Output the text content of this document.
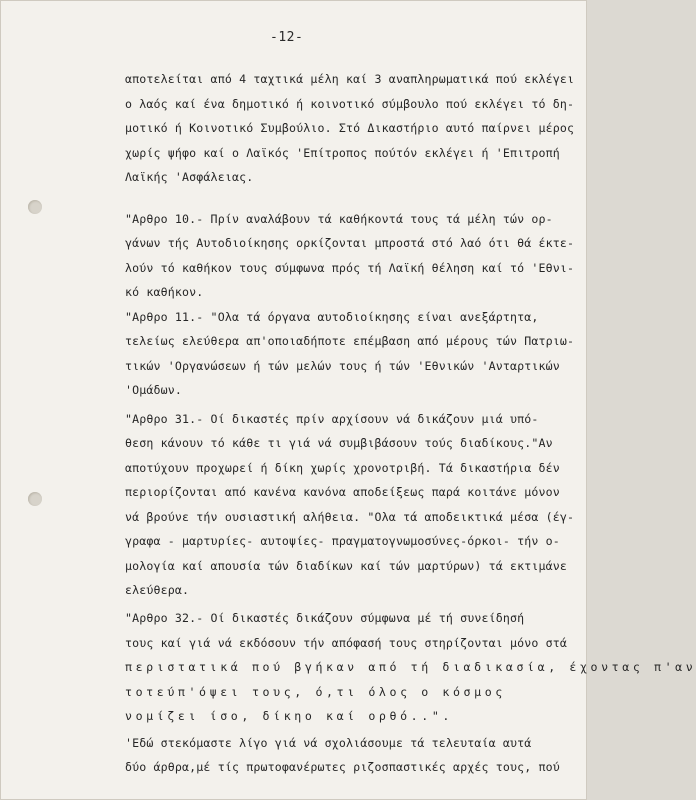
-12-
αποτελείται από 4 ταχτικά μέλη καί 3 αναπληρωματικά πού εκλέγει
ο λαός καί ένα δημοτικό ή κοινοτικό σύμβουλο πού εκλέγει τό δη-
μοτικό ή Κοινοτικό Συμβούλιο. Στό Δικαστήριο αυτό παίρνει μέρος
χωρίς ψήφο καί ο Λαϊκός 'Επίτροπος πούτόν εκλέγει ή 'Επιτροπή
Λαϊκής 'Ασφάλειας.
"Αρθρο 10.- Πρίν αναλάβουν τά καθήκοντά τους τά μέλη τών ορ-
γάνων τής Αυτοδιοίκησης ορκίζονται μπροστά στό λαό ότι θά έκτε-
λούν τό καθήκον τους σύμφωνα πρός τή Λαϊκή θέληση καί τό 'Εθνι-
κό καθήκον.
"Αρθρο 11.- "Ολα τά όργανα αυτοδιοίκησης είναι ανεξάρτητα,
τελείως ελεύθερα απ'οποιαδήποτε επέμβαση από μέρους τών Πατριω-
τικών 'Οργανώσεων ή τών μελών τους ή τών 'Εθνικών 'Ανταρτικών
'Ομάδων.
"Αρθρο 31.- Οί δικαστές πρίν αρχίσουν νά δικάζουν μιά υπό-
θεση κάνουν τό κάθε τι γιά νά συμβιβάσουν τούς διαδίκους."Αν
αποτύχουν προχωρεί ή δίκη χωρίς χρονοτριβή. Τά δικαστήρια δέν
περιορίζονται από κανένα κανόνα αποδείξεως παρά κοιτάνε μόνον
νά βρούνε τήν ουσιαστική αλήθεια. "Ολα τά αποδεικτικά μέσα (έγ-
γραφα - μαρτυρίες- αυτοψίες- πραγματογνωμοσύνες-όρκοι- τήν ο-
μολογία καί απουσία τών διαδίκων καί τών μαρτύρων) τά εκτιμάνε
ελεύθερα.
"Αρθρο 32.- Οί δικαστές δικάζουν σύμφωνα μέ τή συνείδησή
τους καί γιά νά εκδόσουν τήν απόφασή τους στηρίζονται μόνο στά
περιστατικά πού βγήκαν από τή διαδικασία, έχοντας π'αν
τοτεύπ'όψει τους, ό,τι όλος ο κόσμος
νομίζει ίσο, δίκηο καί ορθό..".
'Εδώ στεκόμαστε λίγο γιά νά σχολιάσουμε τά τελευταία αυτά
δύο άρθρα,μέ τίς πρωτοφανέρωτες ριζοσπαστικές αρχές τους, πού
